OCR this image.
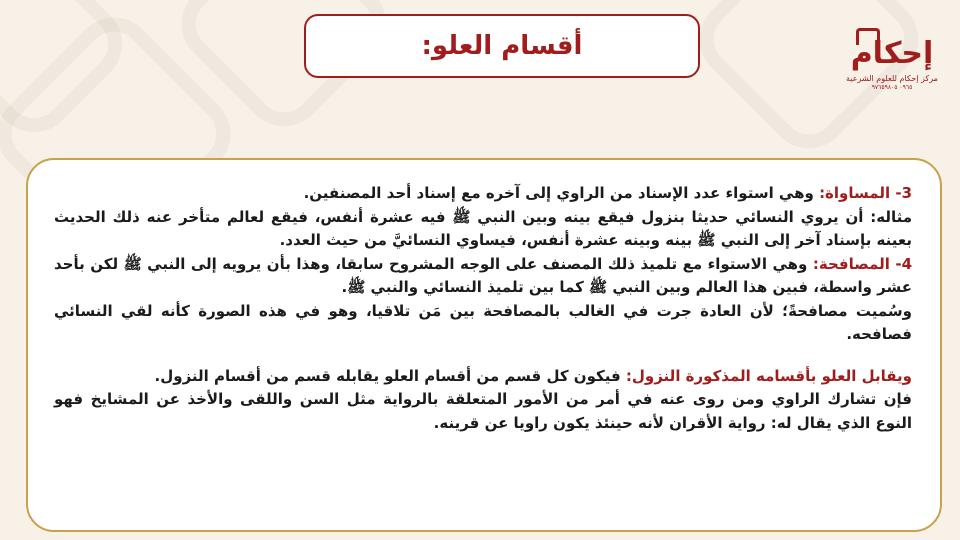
أقسام العلو:	إحكام
مركز إحكام للعلوم الشرعية
٠٩٦٥ ٩٧٦٥٩٨٠٥

3- المساواة: وهي استواء عدد الإسناد من الراوي إلى آخره مع إسناد أحد المصنفين.

مثاله: أن يروي النسائي حديثا بنزول فيقع بينه وبين النبي ﷺ فيه عشرة أنفس، فيقع لعالم متأخر عنه ذلك الحديث بعينه بإسناد آخر إلى النبي ﷺ بينه وبينه عشرة أنفس، فيساوي النسائيَّ من حيث العدد.

4- المصافحة: وهي الاستواء مع تلميذ ذلك المصنف على الوجه المشروح سابقا، وهذا بأن يرويه إلى النبي ﷺ لكن بأحد عشر واسطة، فبين هذا العالم وبين النبي ﷺ كما بين تلميذ النسائي والنبي ﷺ.

وسُميت مصافحةً؛ لأن العادة جرت في الغالب بالمصافحة بين مَن تلاقيا، وهو في هذه الصورة كأنه لقي النسائي فصافحه.

ويقابل العلو بأقسامه المذكورة النزول: فيكون كل قسم من أقسام العلو يقابله قسم من أقسام النزول.

فإن تشارك الراوي ومن روى عنه في أمر من الأمور المتعلقة بالرواية مثل السن واللقى والأخذ عن المشايخ فهو النوع الذي يقال له: رواية الأقران لأنه حينئذ يكون راويا عن قرينه.
